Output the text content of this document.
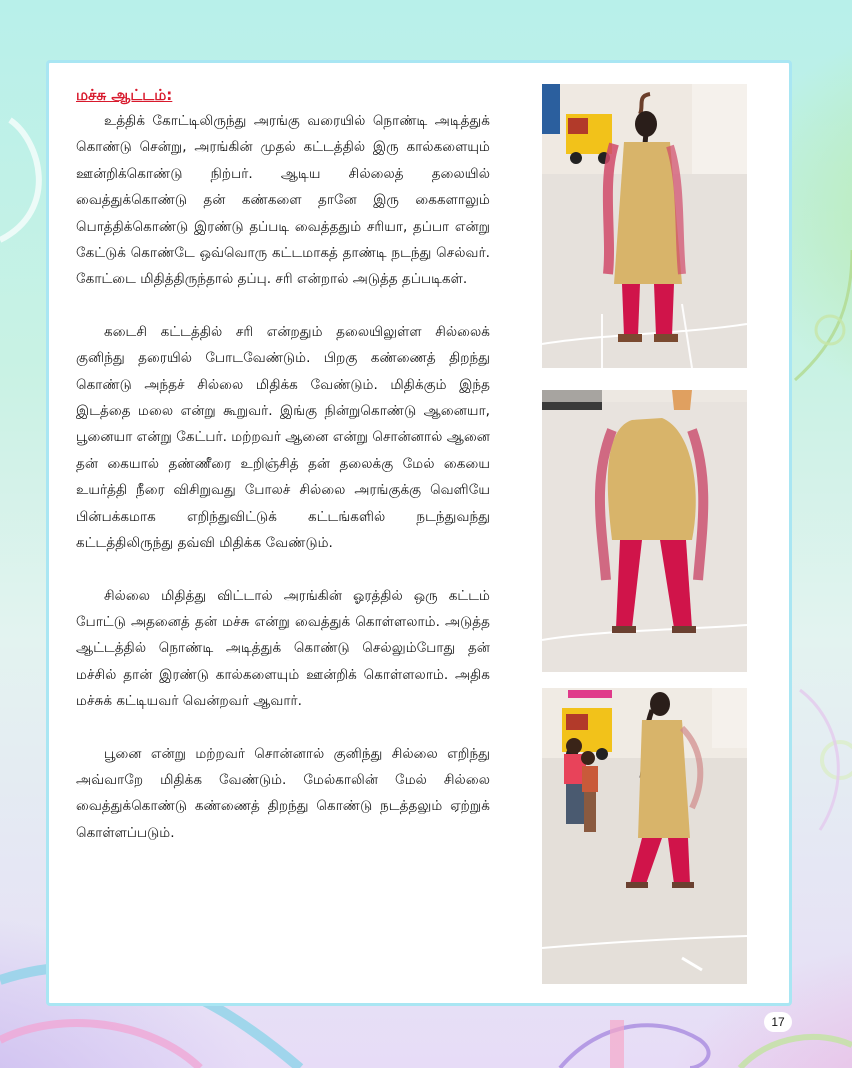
மச்சு ஆட்டம்:

உத்திக் கோட்டிலிருந்து அரங்கு வரையில் நொண்டி அடித்துக் கொண்டு சென்று, அரங்கின் முதல் கட்டத்தில் இரு கால்களையும் ஊன்றிக்கொண்டு நிற்பர். ஆடிய சில்லைத் தலையில் வைத்துக்கொண்டு தன் கண்களை தானே இரு கைகளாலும் பொத்திக்கொண்டு இரண்டு தப்படி வைத்ததும் சரியா, தப்பா என்று கேட்டுக் கொண்டே ஒவ்வொரு கட்டமாகத் தாண்டி நடந்து செல்வர். கோட்டை மிதித்திருந்தால் தப்பு. சரி என்றால் அடுத்த தப்படிகள்.

கடைசி கட்டத்தில் சரி என்றதும் தலையிலுள்ள சில்லைக் குனிந்து தரையில் போடவேண்டும். பிறகு கண்ணைத் திறந்து கொண்டு அந்தச் சில்லை மிதிக்க வேண்டும். மிதிக்கும் இந்த இடத்தை மலை என்று கூறுவர். இங்கு நின்றுகொண்டு ஆனையா, பூனையா என்று கேட்பர். மற்றவர் ஆனை என்று சொன்னால் ஆனை தன் கையால் தண்ணீரை உறிஞ்சித் தன் தலைக்கு மேல் கையை உயர்த்தி நீரை விசிறுவது போலச் சில்லை அரங்குக்கு வெளியே பின்பக்கமாக எறிந்துவிட்டுக் கட்டங்களில் நடந்துவந்து கட்டத்திலிருந்து தவ்வி மிதிக்க வேண்டும்.

சில்லை மிதித்து விட்டால் அரங்கின் ஓரத்தில் ஒரு கட்டம் போட்டு அதனைத் தன் மச்சு என்று வைத்துக் கொள்ளலாம். அடுத்த ஆட்டத்தில் நொண்டி அடித்துக் கொண்டு செல்லும்போது தன் மச்சில் தான் இரண்டு கால்களையும் ஊன்றிக் கொள்ளலாம். அதிக மச்சுக் கட்டியவர் வென்றவர் ஆவார்.

பூனை என்று மற்றவர் சொன்னால் குனிந்து சில்லை எறிந்து அவ்வாறே மிதிக்க வேண்டும். மேல்காலின் மேல் சில்லை வைத்துக்கொண்டு கண்ணைத் திறந்து கொண்டு நடத்தலும் ஏற்றுக் கொள்ளப்படும்.

17
